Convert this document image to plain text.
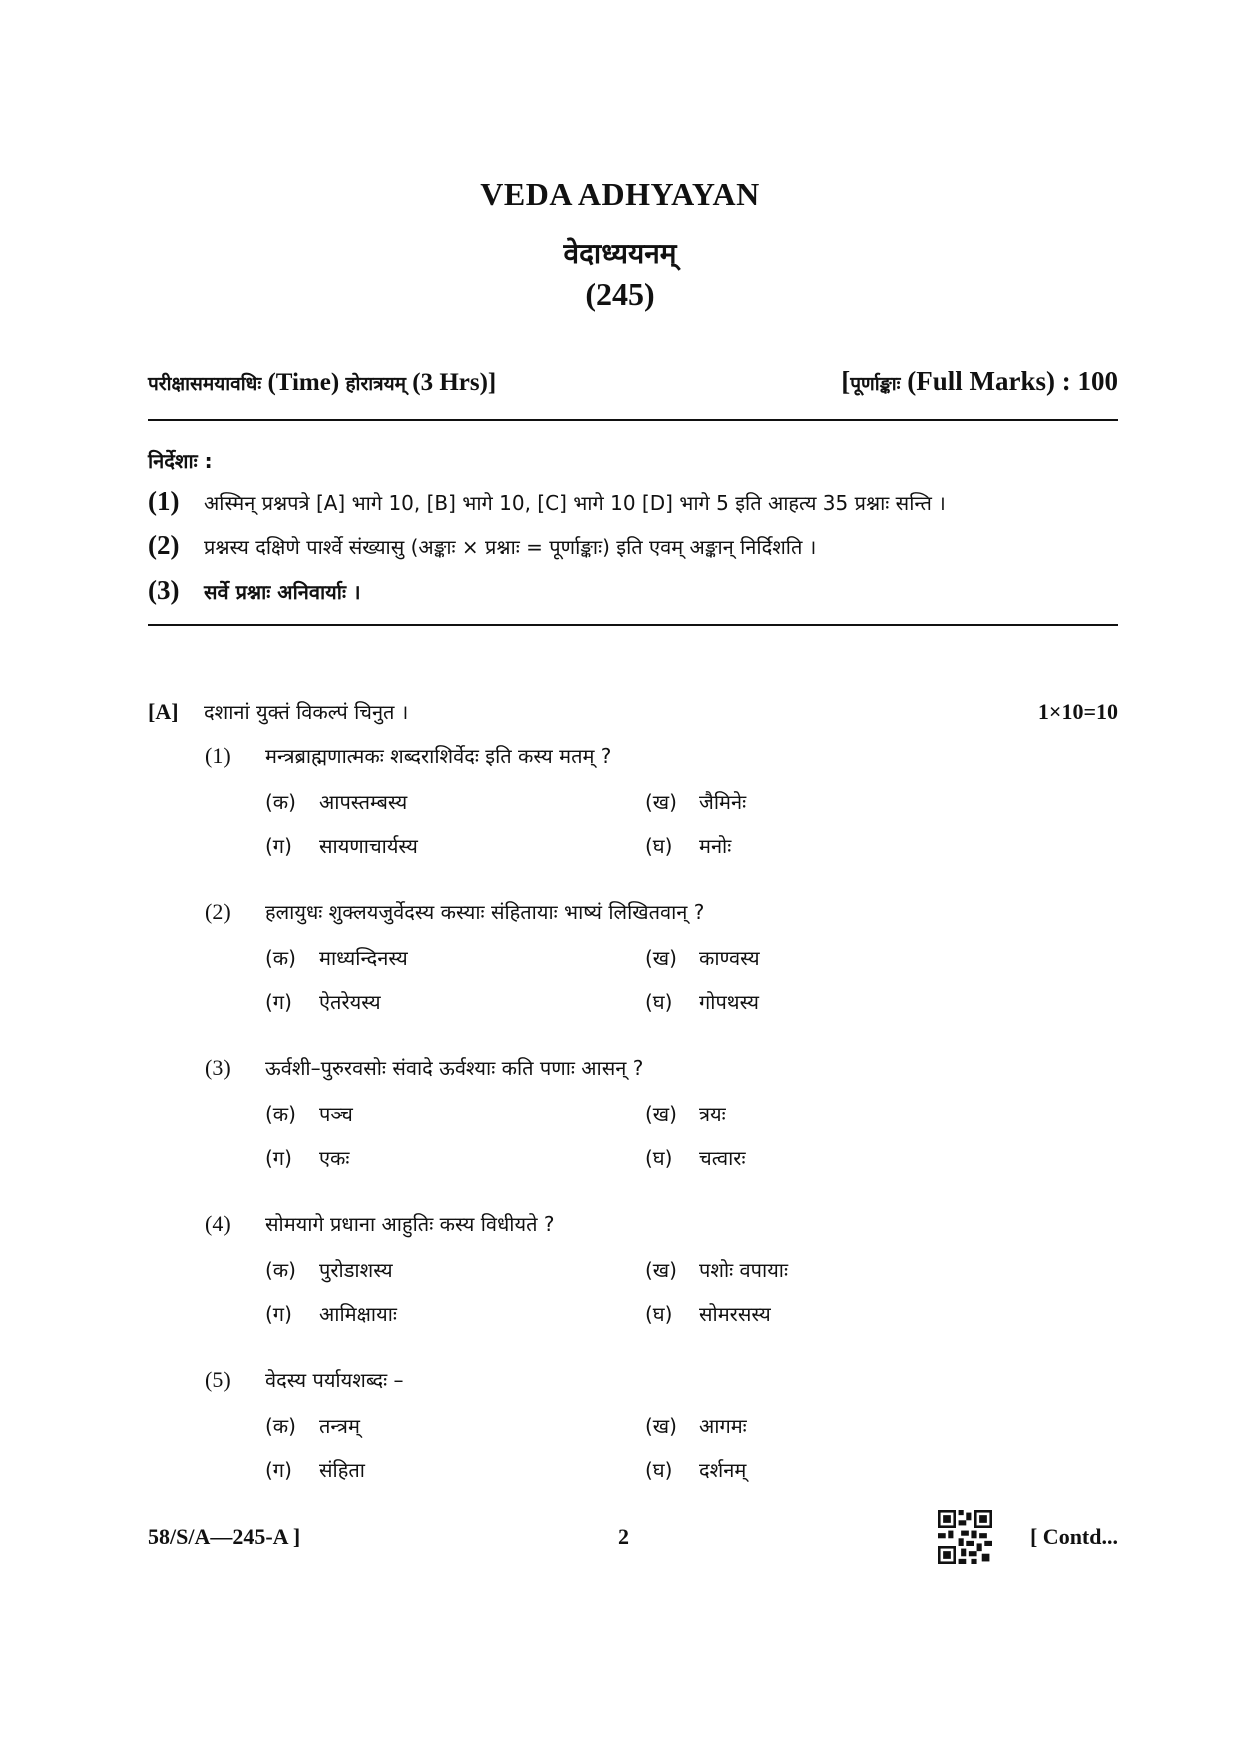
VEDA ADHYAYAN
वेदाध्ययनम्
(245)
परीक्षासमयावधिः (Time) होरात्रयम् (3 Hrs)]	[पूर्णाङ्काः (Full Marks) : 100
निर्देशाः :
(1)	अस्मिन् प्रश्नपत्रे
[A] भागे 10, [B] भागे 10, [C] भागे 10 [D] भागे 5 इति आहत्य 35 प्रश्नाः सन्ति ।
(2)	प्रश्नस्य दक्षिणे पार्श्वे संख्यासु (अङ्काः × प्रश्नाः = पूर्णाङ्काः) इति एवम् अङ्कान् निर्दिशति ।
(3)	सर्वे प्रश्नाः अनिवार्याः ।
[A]	दशानां युक्तं विकल्पं चिनुत ।	1×10=10
(1)	मन्त्रब्राह्मणात्मकः शब्दराशिर्वेदः इति कस्य मतम् ?
(क)	आपस्तम्बस्य	(ख)	जैमिनेः
(ग)	सायणाचार्यस्य	(घ)	मनोः
(2)	हलायुधः शुक्लयजुर्वेदस्य कस्याः संहितायाः भाष्यं लिखितवान् ?
(क)	माध्यन्दिनस्य	(ख)	काण्वस्य
(ग)	ऐतरेयस्य	(घ)	गोपथस्य
(3)	ऊर्वशी–पुरुरवसोः संवादे ऊर्वश्याः कति पणाः आसन् ?
(क)	पञ्च	(ख)	त्रयः
(ग)	एकः	(घ)	चत्वारः
(4)	सोमयागे प्रधाना आहुतिः कस्य विधीयते ?
(क)	पुरोडाशस्य	(ख)	पशोः वपायाः
(ग)	आमिक्षायाः	(घ)	सोमरसस्य
(5)	वेदस्य पर्यायशब्दः –
(क)	तन्त्रम्	(ख)	आगमः
(ग)	संहिता	(घ)	दर्शनम्
58/S/A—245-A ]	2	[ Contd...
